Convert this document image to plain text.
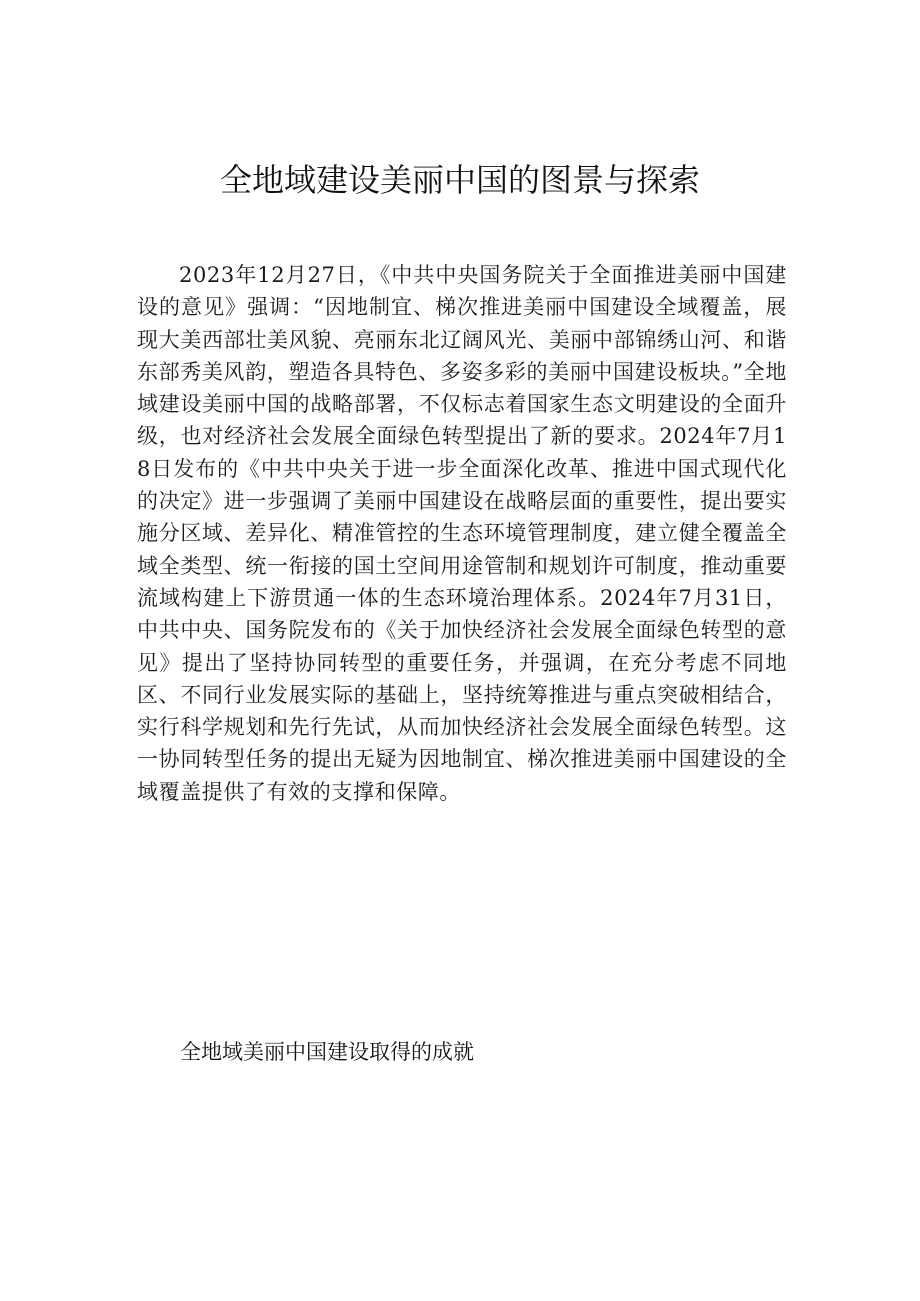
全地域建设美丽中国的图景与探索

2023年12月27日，《中共中央国务院关于全面推进美丽中国建设的意见》强调：“因地制宜、梯次推进美丽中国建设全域覆盖，展现大美西部壮美风貌、亮丽东北辽阔风光、美丽中部锦绣山河、和谐东部秀美风韵，塑造各具特色、多姿多彩的美丽中国建设板块。”全地域建设美丽中国的战略部署，不仅标志着国家生态文明建设的全面升级，也对经济社会发展全面绿色转型提出了新的要求。2024年7月18日发布的《中共中央关于进一步全面深化改革、推进中国式现代化的决定》进一步强调了美丽中国建设在战略层面的重要性，提出要实施分区域、差异化、精准管控的生态环境管理制度，建立健全覆盖全域全类型、统一衔接的国土空间用途管制和规划许可制度，推动重要流域构建上下游贯通一体的生态环境治理体系。2024年7月31日，中共中央、国务院发布的《关于加快经济社会发展全面绿色转型的意见》提出了坚持协同转型的重要任务，并强调，在充分考虑不同地区、不同行业发展实际的基础上，坚持统筹推进与重点突破相结合，实行科学规划和先行先试，从而加快经济社会发展全面绿色转型。这一协同转型任务的提出无疑为因地制宜、梯次推进美丽中国建设的全域覆盖提供了有效的支撑和保障。

全地域美丽中国建设取得的成就
